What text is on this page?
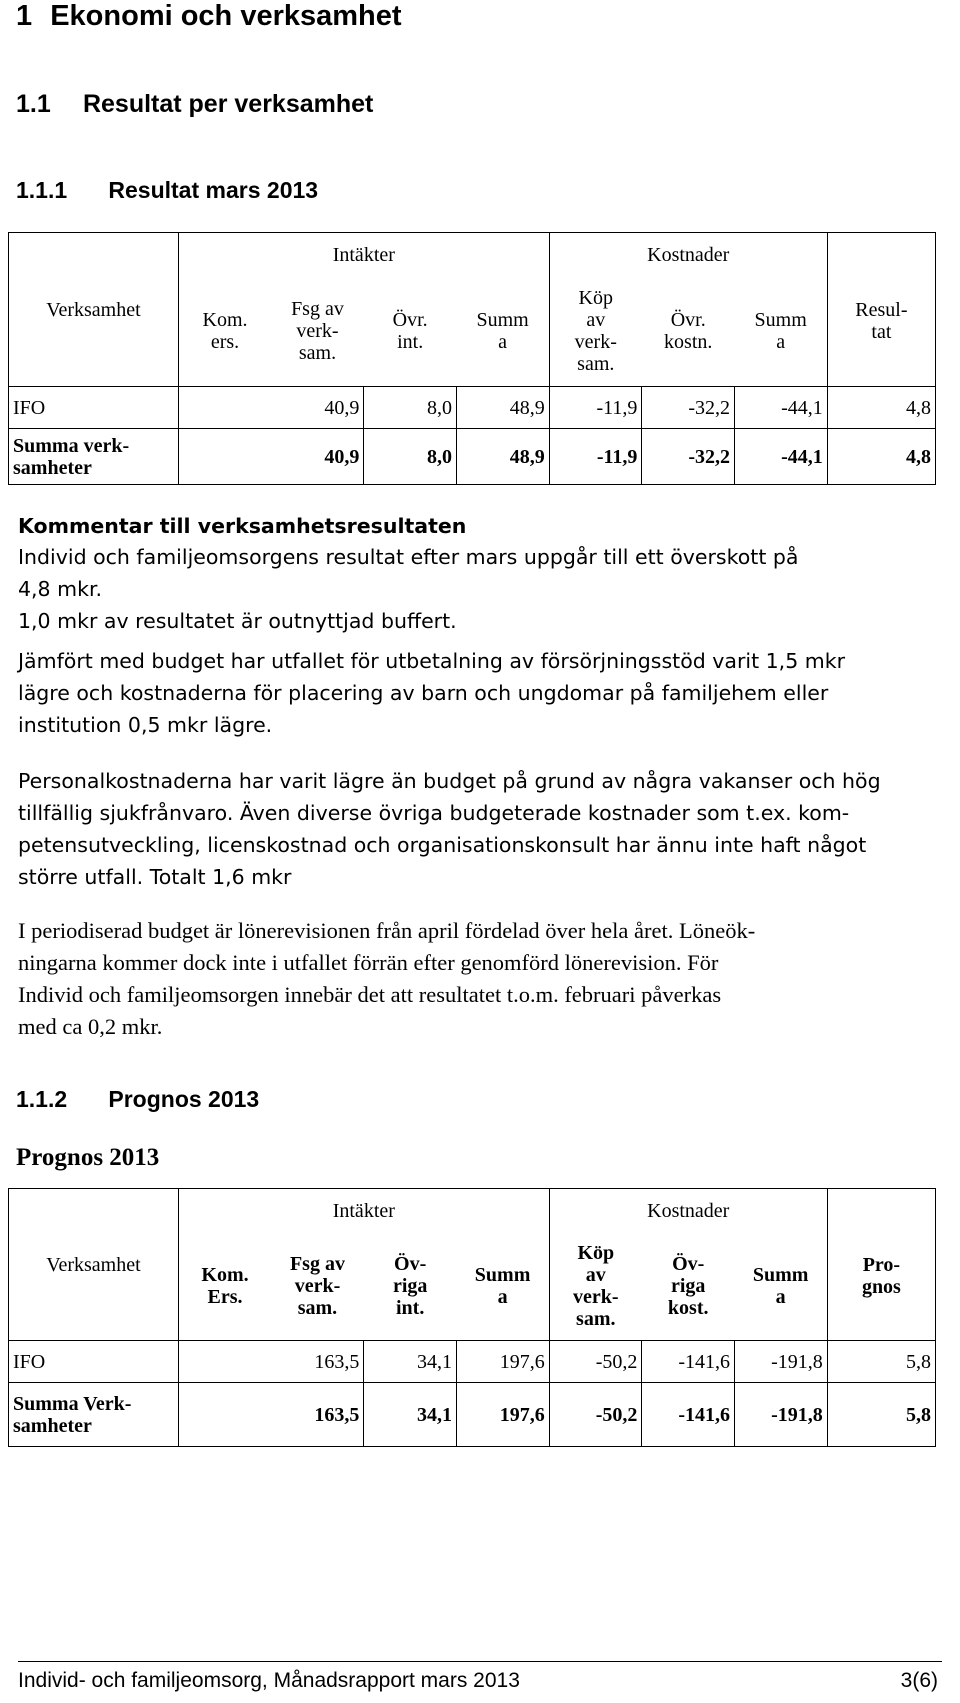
1 Ekonomi och verksamhet
1.1 Resultat per verksamhet
1.1.1 Resultat mars 2013
Verksamhet	Intäkter				Kostnader			Resul-tat

	Kom. ers.	Fsg av verk-sam.	Övr. int.	Summ a	Köp av verk-sam.	Övr. kostn.	Summ a	

IFO	40,9		8,0	48,9	-11,9	-32,2	-44,1	4,8

Summa verk-samheter	40,9		8,0	48,9	-11,9	-32,2	-44,1	4,8
Kommentar till verksamhetsresultaten
Individ och familjeomsorgens resultat efter mars uppgår till ett överskott på
4,8 mkr.
1,0 mkr av resultatet är outnyttjad buffert.
Jämfört med budget har utfallet för utbetalning av försörjningsstöd varit 1,5 mkr
lägre och kostnaderna för placering av barn och ungdomar på familjehem eller
institution 0,5 mkr lägre.
Personalkostnaderna har varit lägre än budget på grund av några vakanser och hög
tillfällig sjukfrånvaro. Även diverse övriga budgeterade kostnader som t.ex. kom-
petensutveckling, licenskostnad och organisationskonsult har ännu inte haft något
större utfall. Totalt 1,6 mkr
I periodiserad budget är lönerevisionen från april fördelad över hela året. Löneök-
ningarna kommer dock inte i utfallet förrän efter genomförd lönerevision. För
Individ och familjeomsorgen innebär det att resultatet t.o.m. februari påverkas
med ca 0,2 mkr.
1.1.2 Prognos 2013
Prognos 2013
Verksamhet	Intäkter				Kostnader			Pro-gnos

	Kom. Ers.	Fsg av verk-sam.	Öv-riga int.	Summ a	Köp av verk-sam.	Öv-riga kost.	Summ a	

IFO	163,5		34,1	197,6	-50,2	-141,6	-191,8	5,8

Summa Verk-samheter	163,5		34,1	197,6	-50,2	-141,6	-191,8	5,8
Individ- och familjeomsorg, Månadsrapport mars 2013	3(6)
